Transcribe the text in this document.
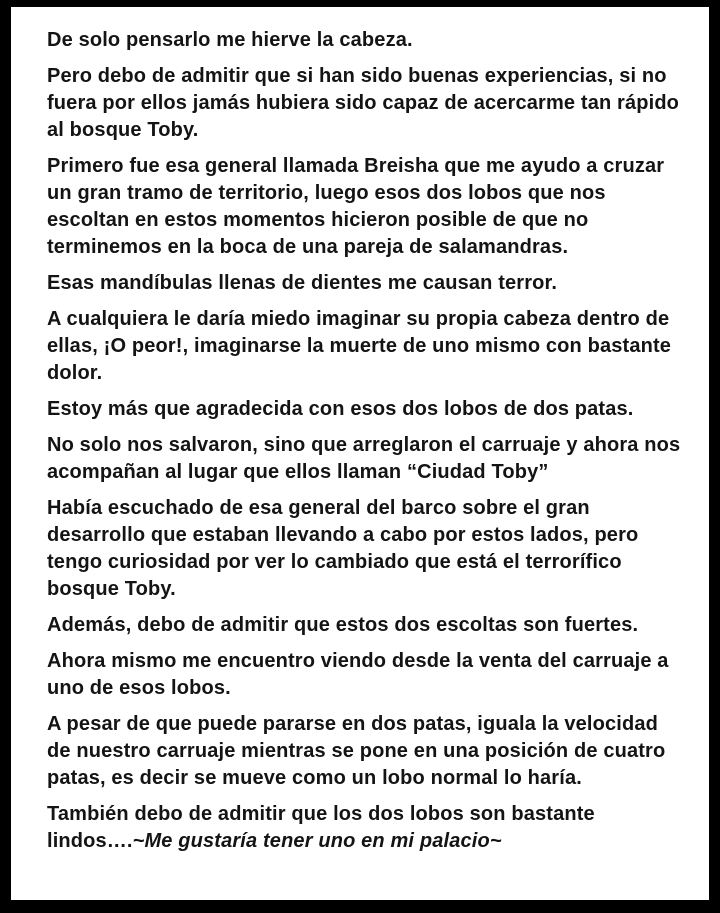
De solo pensarlo me hierve la cabeza.

Pero debo de admitir que si han sido buenas experiencias, si no fuera por ellos jamás hubiera sido capaz de acercarme tan rápido al bosque Toby.

Primero fue esa general llamada Breisha que me ayudo a cruzar un gran tramo de territorio, luego esos dos lobos que nos escoltan en estos momentos hicieron posible de que no terminemos en la boca de una pareja de salamandras.

Esas mandíbulas llenas de dientes me causan terror.

A cualquiera le daría miedo imaginar su propia cabeza dentro de ellas, ¡O peor!, imaginarse la muerte de uno mismo con bastante dolor.

Estoy más que agradecida con esos dos lobos de dos patas.

No solo nos salvaron, sino que arreglaron el carruaje y ahora nos acompañan al lugar que ellos llaman “Ciudad Toby”

Había escuchado de esa general del barco sobre el gran desarrollo que estaban llevando a cabo por estos lados, pero tengo curiosidad por ver lo cambiado que está el terrorífico bosque Toby.

Además, debo de admitir que estos dos escoltas son fuertes.

Ahora mismo me encuentro viendo desde la venta del carruaje a uno de esos lobos.

A pesar de que puede pararse en dos patas, iguala la velocidad de nuestro carruaje mientras se pone en una posición de cuatro patas, es decir se mueve como un lobo normal lo haría.

También debo de admitir que los dos lobos son bastante lindos….~Me gustaría tener uno en mi palacio~
